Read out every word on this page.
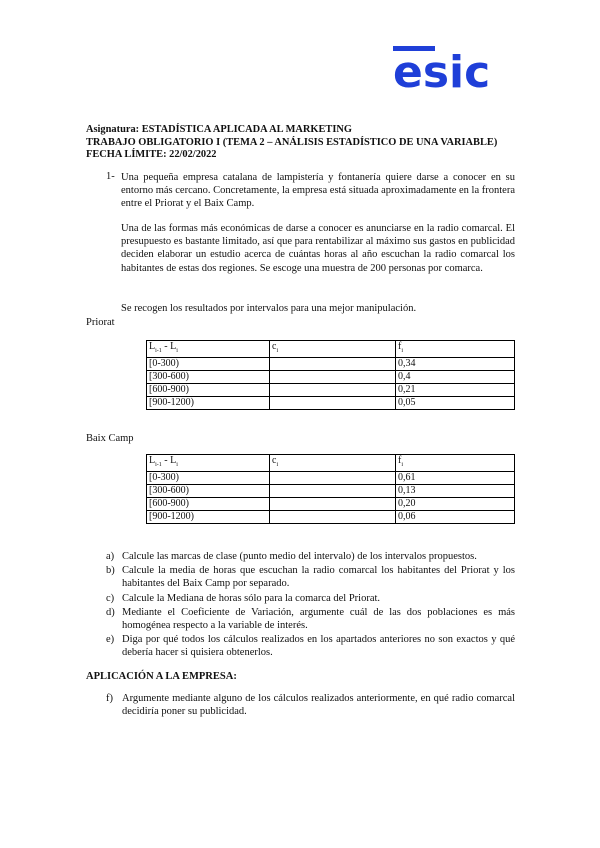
esic
Asignatura: ESTADÍSTICA APLICADA AL MARKETING
TRABAJO OBLIGATORIO I (TEMA 2 – ANÁLISIS ESTADÍSTICO DE UNA VARIABLE)
FECHA LÍMITE: 22/02/2022
1- Una pequeña empresa catalana de lampistería y fontanería quiere darse a conocer en su entorno más cercano. Concretamente, la empresa está situada aproximadamente en la frontera entre el Priorat y el Baix Camp.
Una de las formas más económicas de darse a conocer es anunciarse en la radio comarcal. El presupuesto es bastante limitado, así que para rentabilizar al máximo sus gastos en publicidad deciden elaborar un estudio acerca de cuántas horas al año escuchan la radio comarcal los habitantes de estas dos regiones. Se escoge una muestra de 200 personas por comarca.
Se recogen los resultados por intervalos para una mejor manipulación.
Priorat
$L_{i-1} - L_i$	$c_i$	$f_i$
[0-300)		0,34
[300-600)		0,4
[600-900)		0,21
[900-1200)		0,05
Baix Camp
$L_{i-1} - L_i$	$c_i$	$f_i$
[0-300)		0,61
[300-600)		0,13
[600-900)		0,20
[900-1200)		0,06
a) Calcule las marcas de clase (punto medio del intervalo) de los intervalos propuestos.
b) Calcule la media de horas que escuchan la radio comarcal los habitantes del Priorat y los habitantes del Baix Camp por separado.
c) Calcule la Mediana de horas sólo para la comarca del Priorat.
d) Mediante el Coeficiente de Variación, argumente cuál de las dos poblaciones es más homogénea respecto a la variable de interés.
e) Diga por qué todos los cálculos realizados en los apartados anteriores no son exactos y qué debería hacer si quisiera obtenerlos.
APLICACIÓN A LA EMPRESA:
f) Argumente mediante alguno de los cálculos realizados anteriormente, en qué radio comarcal decidiría poner su publicidad.
